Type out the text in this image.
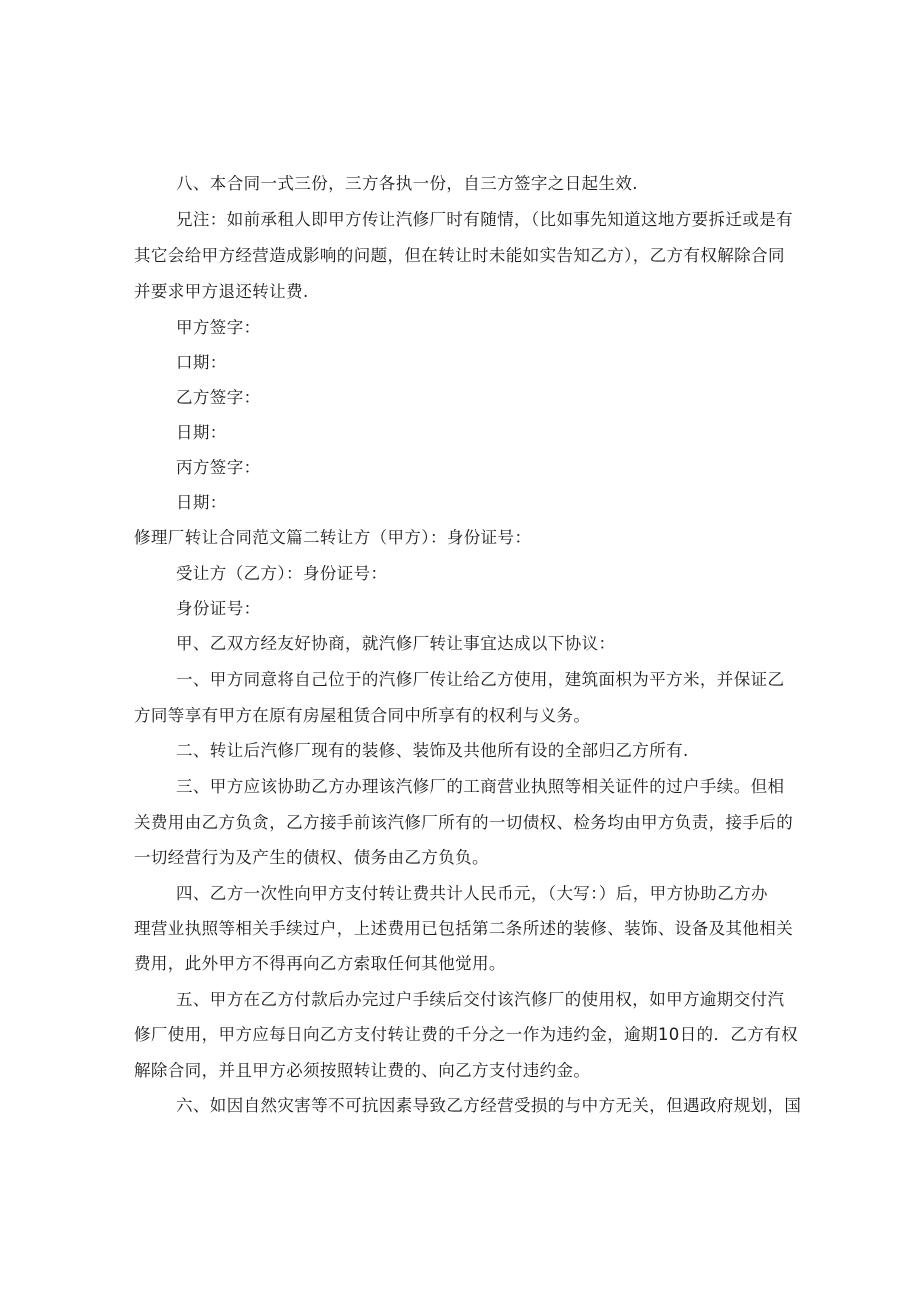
八、本合同一式三份，三方各执一份，自三方签字之日起生效.
兄注：如前承租人即甲方传让汽修厂时有随情，（比如事先知道这地方要拆迁或是有
其它会给甲方经营造成影响的问题，但在转让时未能如实告知乙方），乙方有权解除合同
并要求甲方退还转让费.
甲方签字：
口期：
乙方签字：
日期：
丙方签字：
日期：
修理厂转让合同范文篇二转让方（甲方）：身份证号：
受让方（乙方）：身份证号：
身份证号：
甲、乙双方经友好协商，就汽修厂转让事宜达成以下协议：
一、甲方同意将自己位于的汽修厂传让给乙方使用，建筑面枳为平方米，并保证乙
方同等享有甲方在原有房屋租赁合同中所享有的权利与义务。
二、转让后汽修厂现有的装修、装饰及共他所有设的全部归乙方所有.
三、甲方应该协助乙方办理该汽修厂的工商营业执照等相关证件的过户手续。但相
关费用由乙方负贪，乙方接手前该汽修厂所有的一切债权、检务均由甲方负责，接手后的
一切经营行为及产生的债权、债务由乙方负负。
四、乙方一次性向甲方支付转让费共计人民币元，（大写：）后，甲方协助乙方办
理营业执照等相关手续过户，上述费用已包括第二条所述的装修、装饰、设备及其他相关
费用，此外甲方不得再向乙方索取任何其他觉用。
五、甲方在乙方付款后办完过户手续后交付该汽修厂的使用权，如甲方逾期交付汽
修厂使用，甲方应每日向乙方支付转让费的千分之一作为违约金，逾期10日的．乙方有权
解除合同，并且甲方必须按照转让费的、向乙方支付违约金。
六、如因自然灾害等不可抗因素导致乙方经营受损的与中方无关，但遇政府规划，国
